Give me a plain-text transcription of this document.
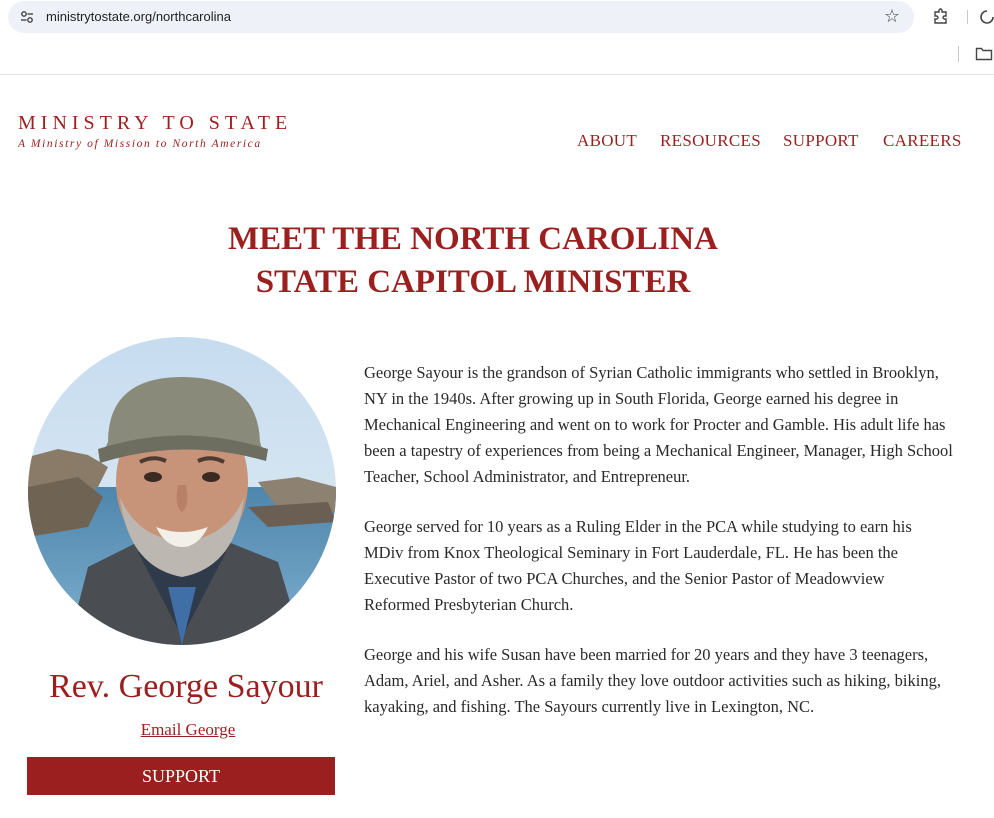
ministrytostate.org/northcarolina	☆
MINISTRY TO STATE
A Ministry of Mission to North America	ABOUT RESOURCES SUPPORT CAREERS
MEET THE NORTH CAROLINA
STATE CAPITOL MINISTER
Rev. George Sayour
Email George
SUPPORT

George Sayour is the grandson of Syrian Catholic immigrants who settled in Brooklyn, NY in the 1940s. After growing up in South Florida, George earned his degree in Mechanical Engineering and went on to work for Procter and Gamble. His adult life has been a tapestry of experiences from being a Mechanical Engineer, Manager, High School Teacher, School Administrator, and Entrepreneur.

George served for 10 years as a Ruling Elder in the PCA while studying to earn his MDiv from Knox Theological Seminary in Fort Lauderdale, FL. He has been the Executive Pastor of two PCA Churches, and the Senior Pastor of Meadowview Reformed Presbyterian Church.

George and his wife Susan have been married for 20 years and they have 3 teenagers, Adam, Ariel, and Asher. As a family they love outdoor activities such as hiking, biking, kayaking, and fishing. The Sayours currently live in Lexington, NC.
